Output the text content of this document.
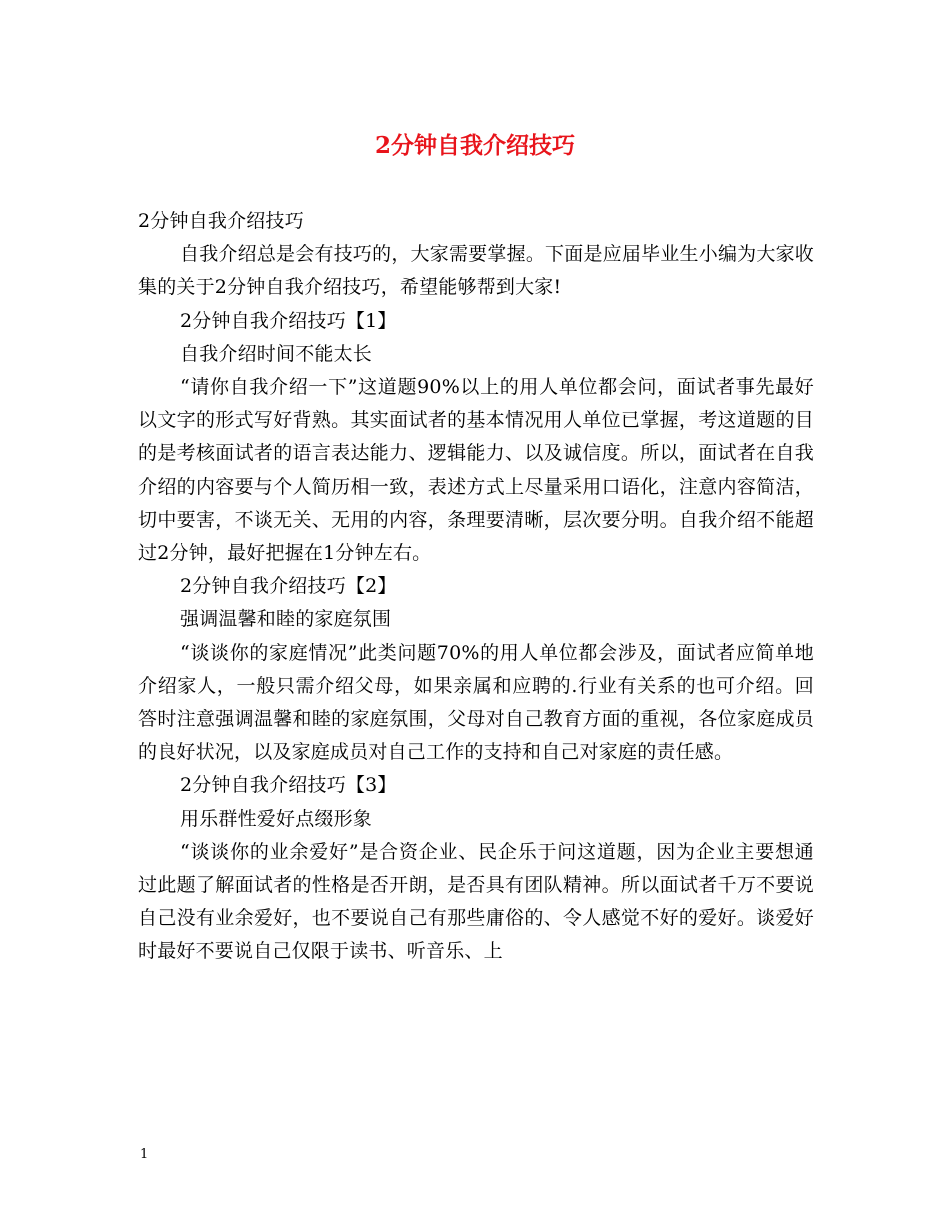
2分钟自我介绍技巧

2分钟自我介绍技巧

自我介绍总是会有技巧的，大家需要掌握。下面是应届毕业生小编为大家收集的关于2分钟自我介绍技巧，希望能够帮到大家!

2分钟自我介绍技巧【1】

自我介绍时间不能太长

“请你自我介绍一下”这道题90%以上的用人单位都会问，面试者事先最好以文字的形式写好背熟。其实面试者的基本情况用人单位已掌握，考这道题的目的是考核面试者的语言表达能力、逻辑能力、以及诚信度。所以，面试者在自我介绍的内容要与个人简历相一致，表述方式上尽量采用口语化，注意内容简洁，切中要害，不谈无关、无用的内容，条理要清晰，层次要分明。自我介绍不能超过2分钟，最好把握在1分钟左右。

2分钟自我介绍技巧【2】

强调温馨和睦的家庭氛围

“谈谈你的家庭情况”此类问题70%的用人单位都会涉及，面试者应简单地介绍家人，一般只需介绍父母，如果亲属和应聘的.行业有关系的也可介绍。回答时注意强调温馨和睦的家庭氛围，父母对自己教育方面的重视，各位家庭成员的良好状况，以及家庭成员对自己工作的支持和自己对家庭的责任感。

2分钟自我介绍技巧【3】

用乐群性爱好点缀形象

“谈谈你的业余爱好”是合资企业、民企乐于问这道题，因为企业主要想通过此题了解面试者的性格是否开朗，是否具有团队精神。所以面试者千万不要说自己没有业余爱好，也不要说自己有那些庸俗的、令人感觉不好的爱好。谈爱好时最好不要说自己仅限于读书、听音乐、上

1
